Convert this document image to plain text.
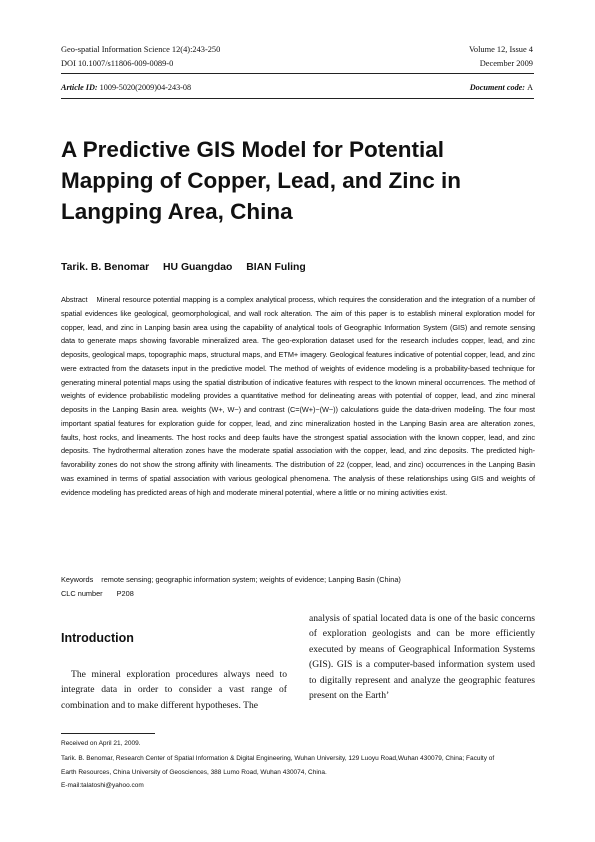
Geo-spatial Information Science 12(4):243-250
DOI 10.1007/s11806-009-0089-0
Volume 12, Issue 4
December 2009
Article ID: 1009-5020(2009)04-243-08	Document code: A
A Predictive GIS Model for Potential
Mapping of Copper, Lead, and Zinc in
Langping Area, China
Tarik. B. Benomar HU Guangdao BIAN Fuling
Abstract Mineral resource potential mapping is a complex analytical process, which requires the consideration and the integration of a number of spatial evidences like geological, geomorphological, and wall rock alteration. The aim of this paper is to establish mineral exploration model for copper, lead, and zinc in Lanping basin area using the capability of analytical tools of Geographic Information System (GIS) and remote sensing data to generate maps showing favorable mineralized area. The geo-exploration dataset used for the research includes copper, lead, and zinc deposits, geological maps, topographic maps, structural maps, and ETM+ imagery. Geological features indicative of potential copper, lead, and zinc were extracted from the datasets input in the predictive model. The method of weights of evidence modeling is a probability-based technique for generating mineral potential maps using the spatial distribution of indicative features with respect to the known mineral occurrences. The method of weights of evidence probabilistic modeling provides a quantitative method for delineating areas with potential of copper, lead, and zinc mineral deposits in the Lanping Basin area. weights (W+, W−) and contrast (C=(W+)−(W−)) calculations guide the data-driven modeling. The four most important spatial features for exploration guide for copper, lead, and zinc mineralization hosted in the Lanping Basin area are alteration zones, faults, host rocks, and lineaments. The host rocks and deep faults have the strongest spatial association with the known copper, lead, and zinc deposits. The hydrothermal alteration zones have the moderate spatial association with the copper, lead, and zinc deposits. The predicted high-favorability zones do not show the strong affinity with lineaments. The distribution of 22 (copper, lead, and zinc) occurrences in the Lanping Basin was examined in terms of spatial association with various geological phenomena. The analysis of these relationships using GIS and weights of evidence modeling has predicted areas of high and moderate mineral potential, where a little or no mining activities exist.
Keywords remote sensing; geographic information system; weights of evidence; Lanping Basin (China)
CLC number P208
Introduction
The mineral exploration procedures always need to integrate data in order to consider a vast range of combination and to make different hypotheses. The
analysis of spatial located data is one of the basic concerns of exploration geologists and can be more efficiently executed by means of Geographical Information Systems (GIS). GIS is a computer-based information system used to digitally represent and analyze the geographic features present on the Earth’
Received on April 21, 2009.
Tarik. B. Benomar, Research Center of Spatial Information & Digital Engineering, Wuhan University, 129 Luoyu Road,Wuhan 430079, China; Faculty of
Earth Resources, China University of Geosciences, 388 Lumo Road, Wuhan 430074, China.
E-mail:talatoshi@yahoo.com
